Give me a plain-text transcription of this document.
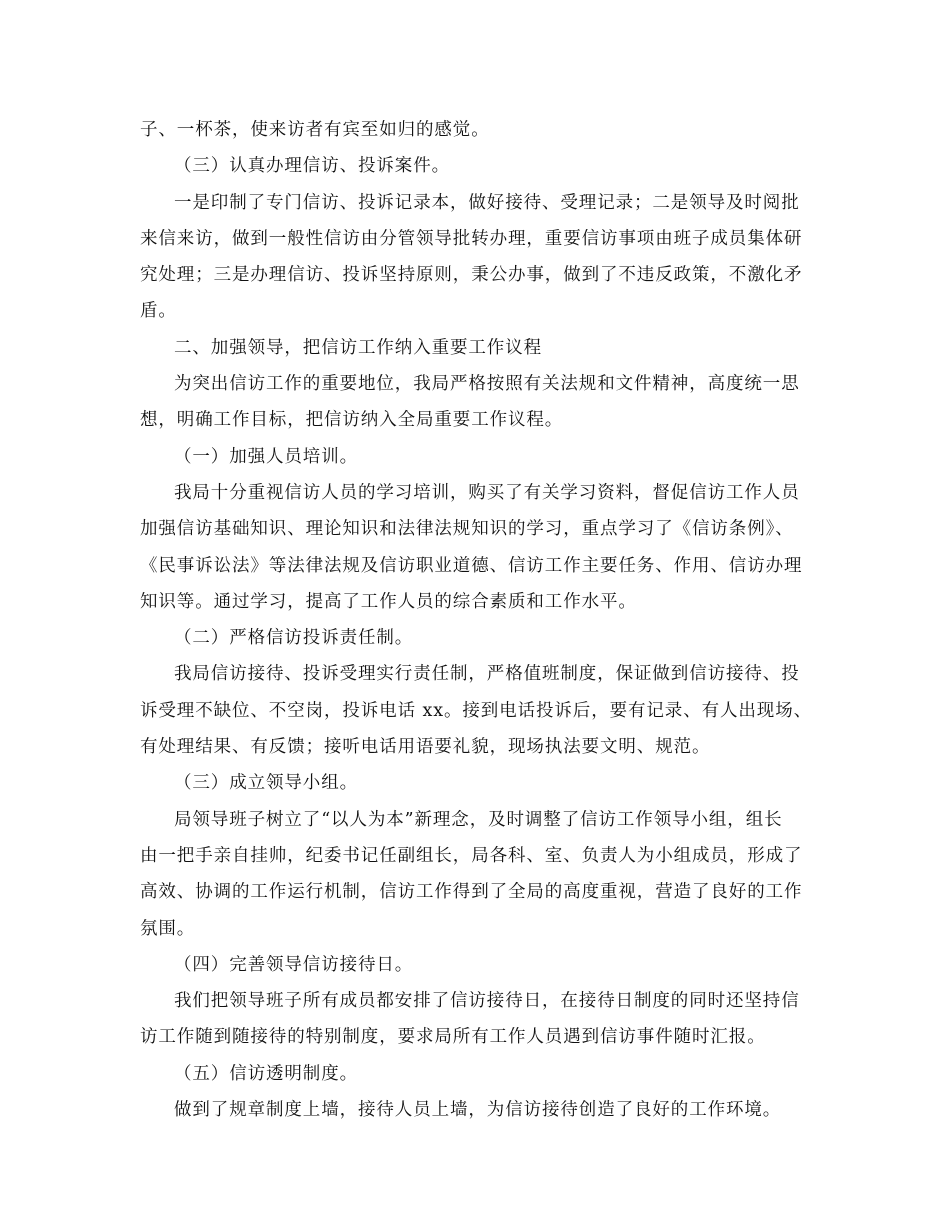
子、一杯茶，使来访者有宾至如归的感觉。
（三）认真办理信访、投诉案件。
一是印制了专门信访、投诉记录本，做好接待、受理记录；二是领导及时阅批
来信来访，做到一般性信访由分管领导批转办理，重要信访事项由班子成员集体研
究处理；三是办理信访、投诉坚持原则，秉公办事，做到了不违反政策，不激化矛
盾。
二、加强领导，把信访工作纳入重要工作议程
为突出信访工作的重要地位，我局严格按照有关法规和文件精神，高度统一思
想，明确工作目标，把信访纳入全局重要工作议程。
（一）加强人员培训。
我局十分重视信访人员的学习培训，购买了有关学习资料，督促信访工作人员
加强信访基础知识、理论知识和法律法规知识的学习，重点学习了《信访条例》、
《民事诉讼法》等法律法规及信访职业道德、信访工作主要任务、作用、信访办理
知识等。通过学习，提高了工作人员的综合素质和工作水平。
（二）严格信访投诉责任制。
我局信访接待、投诉受理实行责任制，严格值班制度，保证做到信访接待、投
诉受理不缺位、不空岗，投诉电话 xx。接到电话投诉后，要有记录、有人出现场、
有处理结果、有反馈；接听电话用语要礼貌，现场执法要文明、规范。
（三）成立领导小组。
局领导班子树立了“以人为本”新理念，及时调整了信访工作领导小组，组长
由一把手亲自挂帅，纪委书记任副组长，局各科、室、负责人为小组成员，形成了
高效、协调的工作运行机制，信访工作得到了全局的高度重视，营造了良好的工作
氛围。
（四）完善领导信访接待日。
我们把领导班子所有成员都安排了信访接待日，在接待日制度的同时还坚持信
访工作随到随接待的特别制度，要求局所有工作人员遇到信访事件随时汇报。
（五）信访透明制度。
做到了规章制度上墙，接待人员上墙，为信访接待创造了良好的工作环境。
